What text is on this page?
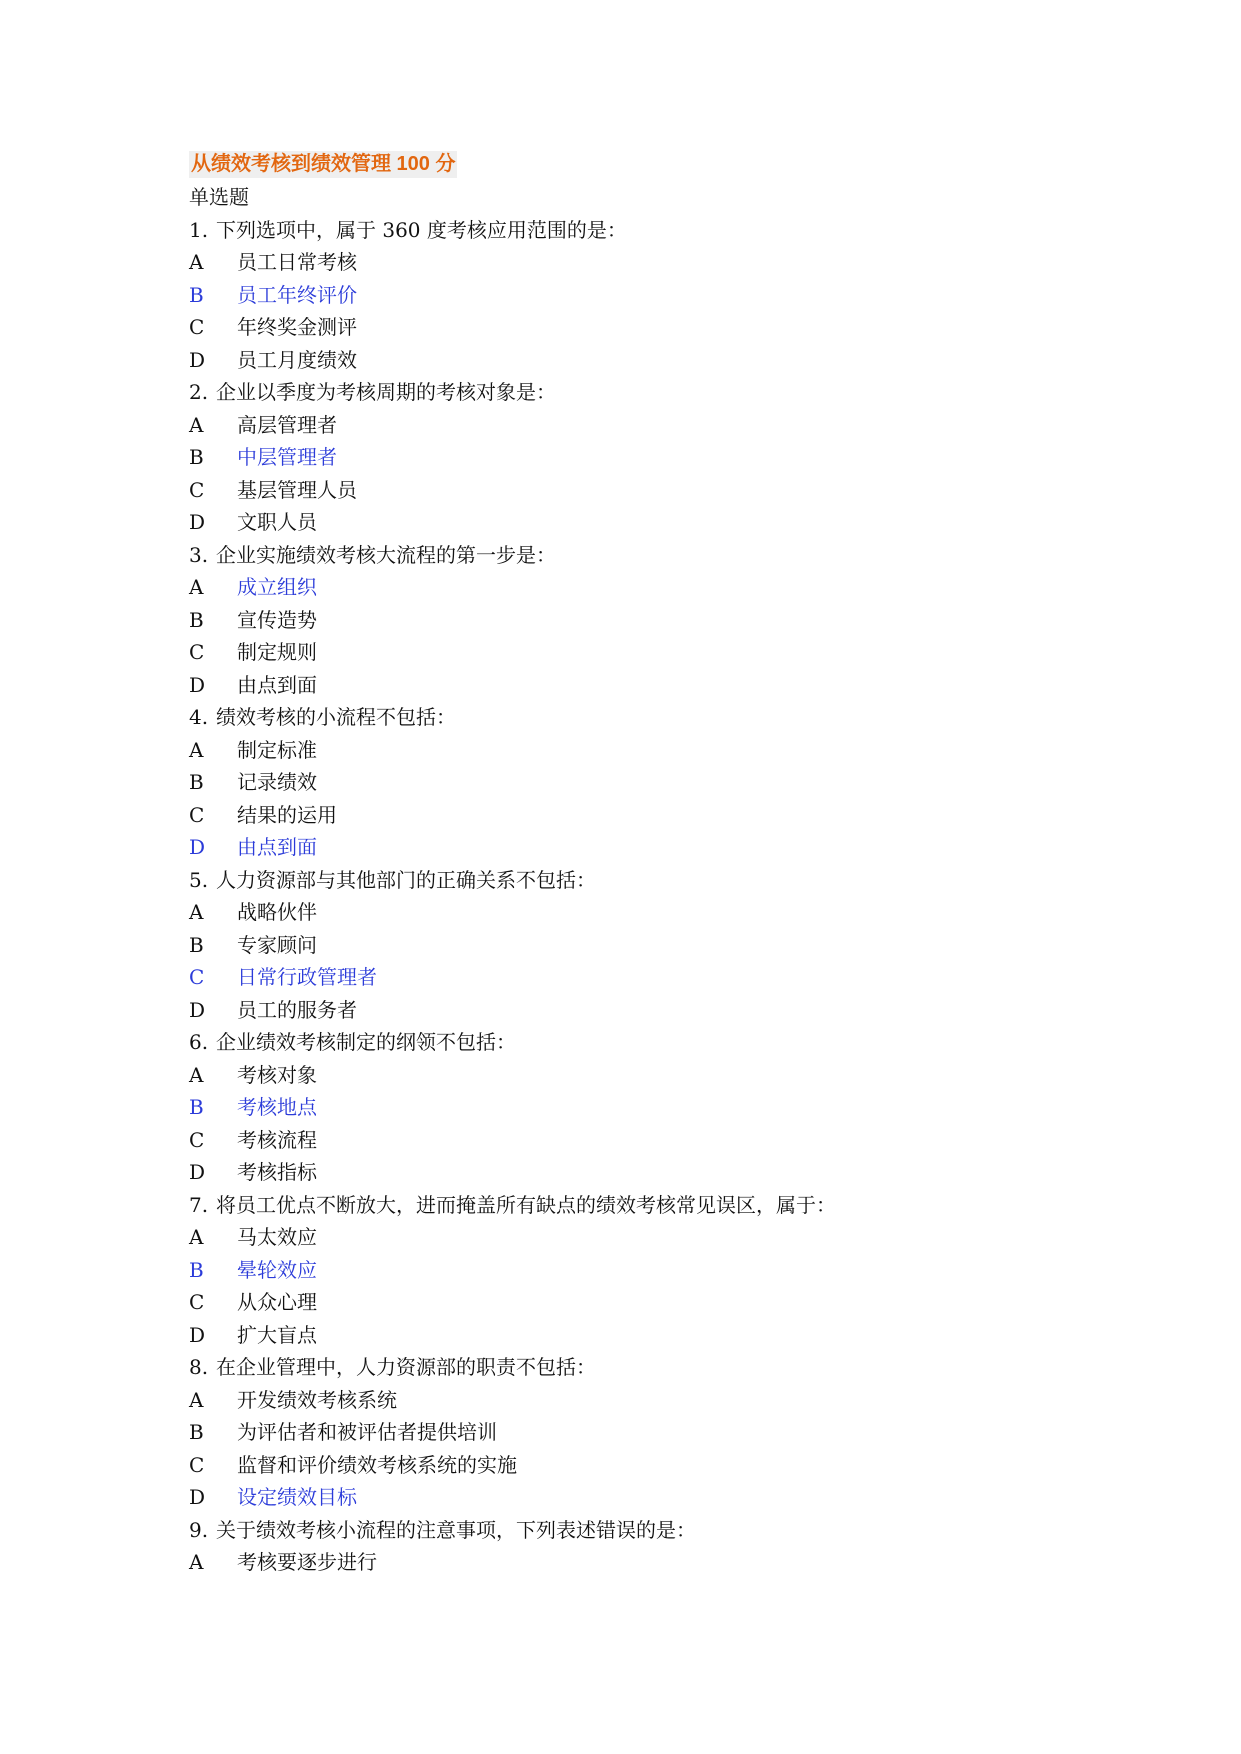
从绩效考核到绩效管理 100 分
单选题
1. 下列选项中，属于 360 度考核应用范围的是：
A	员工日常考核
B	员工年终评价
C	年终奖金测评
D	员工月度绩效
2. 企业以季度为考核周期的考核对象是：
A	高层管理者
B	中层管理者
C	基层管理人员
D	文职人员
3. 企业实施绩效考核大流程的第一步是：
A	成立组织
B	宣传造势
C	制定规则
D	由点到面
4. 绩效考核的小流程不包括：
A	制定标准
B	记录绩效
C	结果的运用
D	由点到面
5. 人力资源部与其他部门的正确关系不包括：
A	战略伙伴
B	专家顾问
C	日常行政管理者
D	员工的服务者
6. 企业绩效考核制定的纲领不包括：
A	考核对象
B	考核地点
C	考核流程
D	考核指标
7. 将员工优点不断放大，进而掩盖所有缺点的绩效考核常见误区，属于：
A	马太效应
B	晕轮效应
C	从众心理
D	扩大盲点
8. 在企业管理中，人力资源部的职责不包括：
A	开发绩效考核系统
B	为评估者和被评估者提供培训
C	监督和评价绩效考核系统的实施
D	设定绩效目标
9. 关于绩效考核小流程的注意事项，下列表述错误的是：
A	考核要逐步进行
